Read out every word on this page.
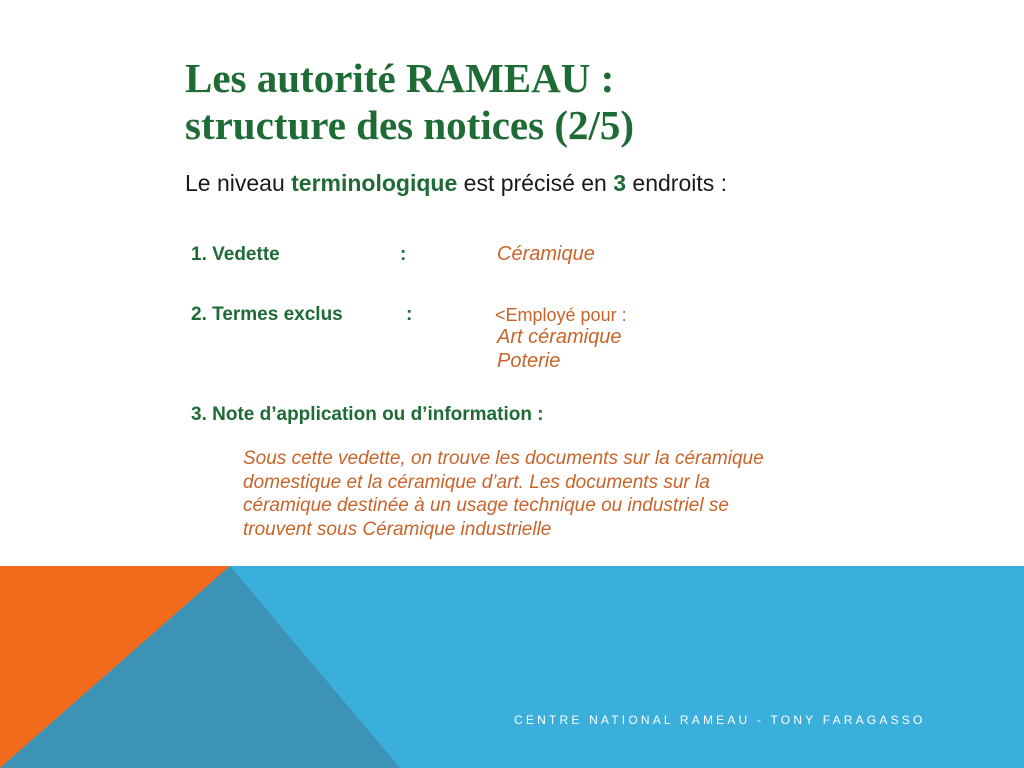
Les autorité RAMEAU :
structure des notices (2/5)
Le niveau terminologique est précisé en 3 endroits :
1. Vedette	:	Céramique
2. Termes exclus	:	<Employé pour :
Art céramique
Poterie
3. Note d’application ou d’information :
Sous cette vedette, on trouve les documents sur la céramique
domestique et la céramique d’art. Les documents sur la
céramique destinée à un usage technique ou industriel se
trouvent sous Céramique industrielle
CENTRE NATIONAL RAMEAU - TONY FARAGASSO
